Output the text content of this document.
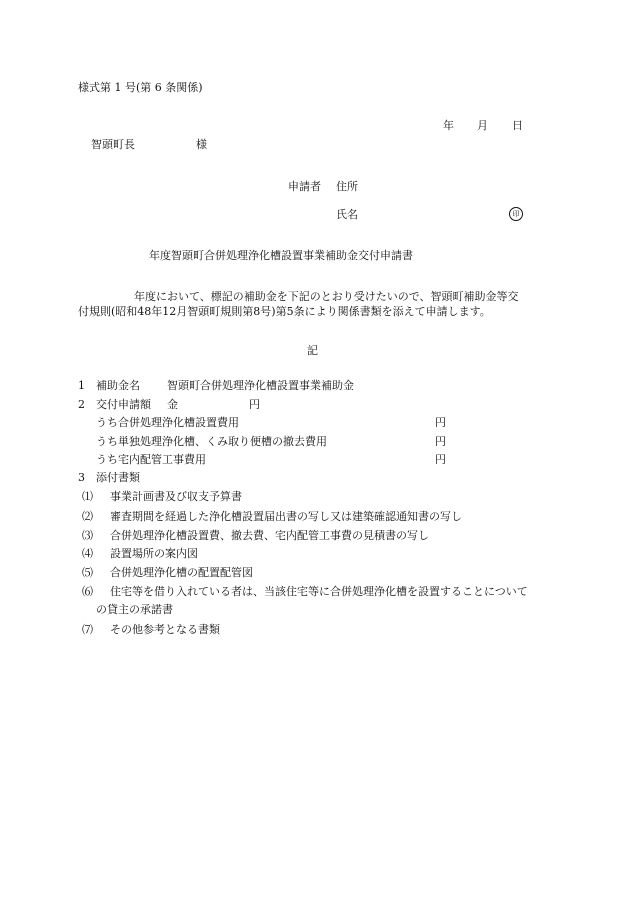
様式第 1 号(第 6 条関係)
年 月 日
智頭町長	様
申請者 住所
氏名	印
年度智頭町合併処理浄化槽設置事業補助金交付申請書
年度において、標記の補助金を下記のとおり受けたいので、智頭町補助金等交
付規則(昭和48年12月智頭町規則第8号)第5条により関係書類を添えて申請します。
記
1 補助金名 智頭町合併処理浄化槽設置事業補助金
2 交付申請額 金	円
うち合併処理浄化槽設置費用	円
うち単独処理浄化槽、くみ取り便槽の撤去費用	円
うち宅内配管工事費用	円
3 添付書類
⑴ 事業計画書及び収支予算書
⑵ 審査期間を経過した浄化槽設置届出書の写し又は建築確認通知書の写し
⑶ 合併処理浄化槽設置費、撤去費、宅内配管工事費の見積書の写し
⑷ 設置場所の案内図
⑸ 合併処理浄化槽の配置配管図
⑹ 住宅等を借り入れている者は、当該住宅等に合併処理浄化槽を設置することについて
の貸主の承諾書
⑺ その他参考となる書類
